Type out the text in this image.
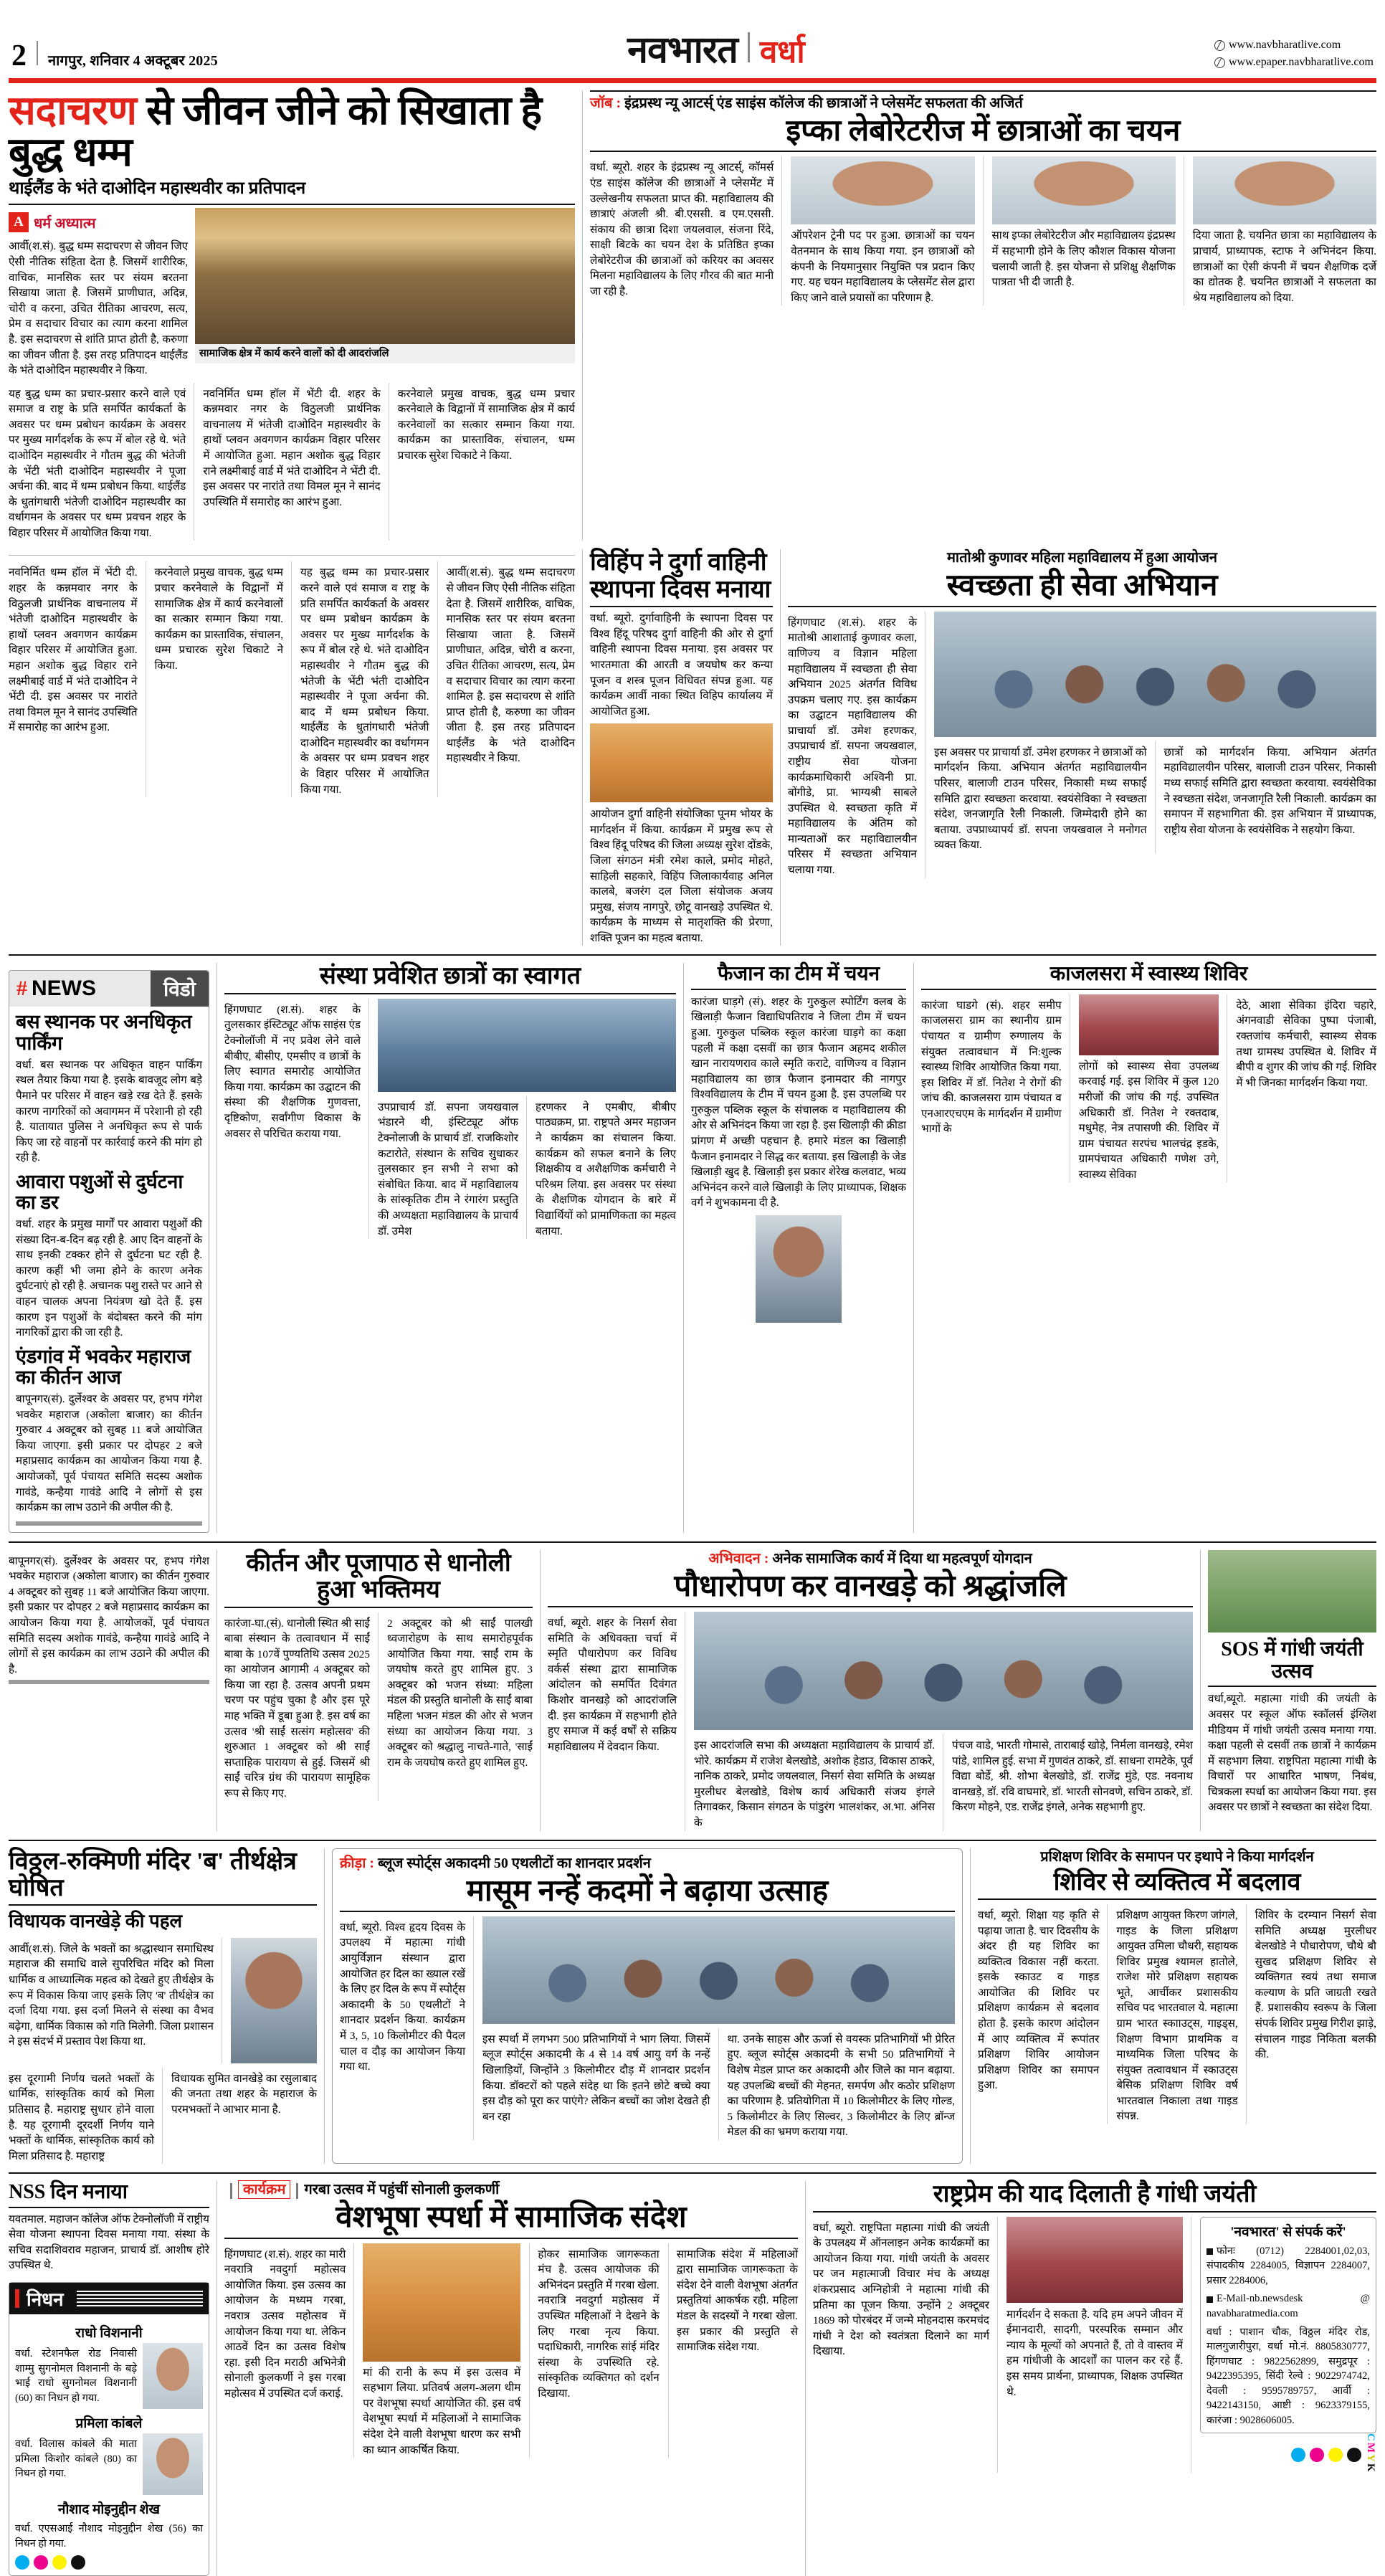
2 नागपुर, शनिवार 4 अक्टूबर 2025	नवभारत वर्धा	www.navbharatlive.com
www.epaper.navbharatlive.com
सदाचरण से जीवन जीने को सिखाता है बुद्ध धम्म
थाईलैंड के भंते दाओदिन महास्थवीर का प्रतिपादन
A धर्म अध्यात्म

आर्वी(श.सं). बुद्ध धम्म सदाचरण से जीवन जिए ऐसी नीतिक संहिता देता है. जिसमें शारीरिक, वाचिक, मानसिक स्तर पर संयम बरतना सिखाया जाता है. जिसमें प्राणीघात, अदिन्न, चोरी व करना, उचित रीतिका आचरण, सत्य, प्रेम व सदाचार विचार का त्याग करना शामिल है. इस सदाचरण से शांति प्राप्त होती है, करुणा का जीवन जीता है. इस तरह प्रतिपादन थाईलैंड के भंते दाओदिन महास्थवीर ने किया.

सामाजिक क्षेत्र में कार्य करने वालों को दी आदरांजलि

यह बुद्ध धम्म का प्रचार-प्रसार करने वाले एवं समाज व राष्ट्र के प्रति समर्पित कार्यकर्ता के अवसर पर धम्म प्रबोधन कार्यक्रम के अवसर पर मुख्य मार्गदर्शक के रूप में बोल रहे थे. भंते दाओदिन महास्थवीर ने गौतम बुद्ध की भंतेजी के भेंटी भंती दाओदिन महास्थवीर ने पूजा अर्चना की. बाद में धम्म प्रबोधन किया. थाईलैंड के धुतांगधारी भंतेजी दाओदिन महास्थवीर का वर्धागमन के अवसर पर धम्म प्रवचन शहर के विहार परिसर में आयोजित किया गया.

नवनिर्मित धम्म हॉल में भेंटी दी. शहर के कन्नमवार नगर के विठुलजी प्रार्थनिक वाचनालय में भंतेजी दाओदिन महास्थवीर के हाथों प्लवन अवगणन कार्यक्रम विहार परिसर में आयोजित हुआ. महान अशोक बुद्ध विहार राने लक्ष्मीबाई वार्ड में भंते दाओदिन ने भेंटी दी. इस अवसर पर नारांते तथा विमल मून ने सानंद उपस्थिति में समारोह का आरंभ हुआ.

करनेवाले प्रमुख वाचक, बुद्ध धम्म प्रचार करनेवाले के विद्वानों में सामाजिक क्षेत्र में कार्य करनेवालों का सत्कार सम्मान किया गया. कार्यक्रम का प्रास्ताविक, संचालन, धम्म प्रचारक सुरेश चिकाटे ने किया.

जॉब : इंद्रप्रस्थ न्यू आटर्स् एंड साइंस कॉलेज की छात्राओं ने प्लेसमेंट सफलता की अजिर्त
इप्का लेबोरेटरीज में छात्राओं का चयन

वर्धा. ब्यूरो. शहर के इंद्रप्रस्थ न्यू आटर्स्, कॉमर्स एंड साइंस कॉलेज की छात्राओं ने प्लेसमेंट में उल्लेखनीय सफलता प्राप्त की. महाविद्यालय की छात्राएं अंजली श्री. बी.एससी. व एम.एससी. संकाय की छात्रा दिशा जयलवाल, संजना रिंदे, साक्षी बिटके का चयन देश के प्रतिष्ठित इप्का लेबोरेटरीज की छात्राओं को करियर का अवसर मिलना महाविद्यालय के लिए गौरव की बात मानी जा रही है.

ऑपरेशन ट्रेनी पद पर हुआ. छात्राओं का चयन वेतनमान के साथ किया गया. इन छात्राओं को कंपनी के नियमानुसार नियुक्ति पत्र प्रदान किए गए. यह चयन महाविद्यालय के प्लेसमेंट सेल द्वारा किए जाने वाले प्रयासों का परिणाम है.

साथ इप्का लेबोरेटरीज और महाविद्यालय इंद्रप्रस्थ में सहभागी होने के लिए कौशल विकास योजना चलायी जाती है. इस योजना से प्रशिक्षु शैक्षणिक पात्रता भी दी जाती है.

दिया जाता है. चयनित छात्रा का महाविद्यालय के प्राचार्य, प्राध्यापक, स्टाफ ने अभिनंदन किया. छात्राओं का ऐसी कंपनी में चयन शैक्षणिक दर्जे का द्योतक है. चयनित छात्राओं ने सफलता का श्रेय महाविद्यालय को दिया.

नवनिर्मित धम्म हॉल में भेंटी दी. शहर के कन्नमवार नगर के विठुलजी प्रार्थनिक वाचनालय में भंतेजी दाओदिन महास्थवीर के हाथों प्लवन अवगणन कार्यक्रम विहार परिसर में आयोजित हुआ. महान अशोक बुद्ध विहार राने लक्ष्मीबाई वार्ड में भंते दाओदिन ने भेंटी दी. इस अवसर पर नारांते तथा विमल मून ने सानंद उपस्थिति में समारोह का आरंभ हुआ.

करनेवाले प्रमुख वाचक, बुद्ध धम्म प्रचार करनेवाले के विद्वानों में सामाजिक क्षेत्र में कार्य करनेवालों का सत्कार सम्मान किया गया. कार्यक्रम का प्रास्ताविक, संचालन, धम्म प्रचारक सुरेश चिकाटे ने किया.

यह बुद्ध धम्म का प्रचार-प्रसार करने वाले एवं समाज व राष्ट्र के प्रति समर्पित कार्यकर्ता के अवसर पर धम्म प्रबोधन कार्यक्रम के अवसर पर मुख्य मार्गदर्शक के रूप में बोल रहे थे. भंते दाओदिन महास्थवीर ने गौतम बुद्ध की भंतेजी के भेंटी भंती दाओदिन महास्थवीर ने पूजा अर्चना की. बाद में धम्म प्रबोधन किया. थाईलैंड के धुतांगधारी भंतेजी दाओदिन महास्थवीर का वर्धागमन के अवसर पर धम्म प्रवचन शहर के विहार परिसर में आयोजित किया गया.

आर्वी(श.सं). बुद्ध धम्म सदाचरण से जीवन जिए ऐसी नीतिक संहिता देता है. जिसमें शारीरिक, वाचिक, मानसिक स्तर पर संयम बरतना सिखाया जाता है. जिसमें प्राणीघात, अदिन्न, चोरी व करना, उचित रीतिका आचरण, सत्य, प्रेम व सदाचार विचार का त्याग करना शामिल है. इस सदाचरण से शांति प्राप्त होती है, करुणा का जीवन जीता है. इस तरह प्रतिपादन थाईलैंड के भंते दाओदिन महास्थवीर ने किया.

विहिंप ने दुर्गा वाहिनी स्थापना दिवस मनाया

वर्धा. ब्यूरो. दुर्गावाहिनी के स्थापना दिवस पर विश्व हिंदू परिषद दुर्गा वाहिनी की ओर से दुर्गा वाहिनी स्थापना दिवस मनाया. इस अवसर पर भारतमाता की आरती व जयघोष कर कन्या पूजन व शस्त्र पूजन विधिवत संपन्न हुआ. यह कार्यक्रम आर्वी नाका स्थित विहिप कार्यालय में आयोजित हुआ.

आयोजन दुर्गा वाहिनी संयोजिका पूनम भोयर के मार्गदर्शन में किया. कार्यक्रम में प्रमुख रूप से विश्व हिंदू परिषद की जिला अध्यक्ष सुरेश दोंडके, जिला संगठन मंत्री रमेश काले, प्रमोद मोहते, साहिली सहकारे, विहिंप जिलाकार्यवाह अनिल कालबे, बजरंग दल जिला संयोजक अजय प्रमुख, संजय नागपुरे, छोटू वानखड़े उपस्थित थे. कार्यक्रम के माध्यम से मातृशक्ति की प्रेरणा, शक्ति पूजन का महत्व बताया.

मातोश्री कुणावर महिला महाविद्यालय में हुआ आयोजन
स्वच्छता ही सेवा अभियान

हिंगणघाट (श.सं). शहर के मातोश्री आशाताई कुणावर कला, वाणिज्य व विज्ञान महिला महाविद्यालय में स्वच्छता ही सेवा अभियान 2025 अंतर्गत विविध उपक्रम चलाए गए. इस कार्यक्रम का उद्घाटन महाविद्यालय की प्राचार्या डॉ. उमेश हरणकर, उपप्राचार्य डॉ. सपना जयखवाल, राष्ट्रीय सेवा योजना कार्यक्रमाधिकारी अश्विनी प्रा. बोंगीडे, प्रा. भाग्यश्री साबले उपस्थित थे. स्वच्छता कृति में महाविद्यालय के अंतिम को मान्यताओं कर महाविद्यालयीन परिसर में स्वच्छता अभियान चलाया गया.

इस अवसर पर प्राचार्या डॉ. उमेश हरणकर ने छात्राओं को मार्गदर्शन किया. अभियान अंतर्गत महाविद्यालयीन परिसर, बालाजी टाउन परिसर, निकासी मध्य सफाई समिति द्वारा स्वच्छता करवाया. स्वयंसेविका ने स्वच्छता संदेश, जनजागृति रैली निकाली. जिम्मेदारी होने का बताया. उपप्राध्यापर्य डॉ. सपना जयखवाल ने मनोगत व्यक्त किया.

छात्रों को मार्गदर्शन किया. अभियान अंतर्गत महाविद्यालयीन परिसर, बालाजी टाउन परिसर, निकासी मध्य सफाई समिति द्वारा स्वच्छता करवाया. स्वयंसेविका ने स्वच्छता संदेश, जनजागृति रैली निकाली. कार्यक्रम का समापन में सहभागिता की. इस अभियान में प्राध्यापक, राष्ट्रीय सेवा योजना के स्वयंसेविक ने सहयोग किया.

# NEWS	विडो
बस स्थानक पर अनधिकृत पार्किंग

वर्धा. बस स्थानक पर अधिकृत वाहन पार्किंग स्थल तैयार किया गया है. इसके बावजूद लोग बड़े पैमाने पर परिसर में वाहन खड़े रख देते हैं. इसके कारण नागरिकों को अवागमन में परेशानी हो रही है. यातायात पुलिस ने अनधिकृत रूप से पार्क किए जा रहे वाहनों पर कार्रवाई करने की मांग हो रही है.

आवारा पशुओं से दुर्घटना का डर

वर्धा. शहर के प्रमुख मार्गों पर आवारा पशुओं की संख्या दिन-ब-दिन बढ़ रही है. आए दिन वाहनों के साथ इनकी टक्कर होने से दुर्घटना घट रही है. कारण कहीं भी जमा होने के कारण अनेक दुर्घटनाएं हो रही है. अचानक पशु रास्ते पर आने से वाहन चालक अपना नियंत्रण खो देते हैं. इस कारण इन पशुओं के बंदोबस्त करने की मांग नागरिकों द्वारा की जा रही है.

एंडगांव में भवकेर महाराज का कीर्तन आज

बापूनगर(सं). दुर्लेश्वर के अवसर पर, हभप गंगेश भवकेर महाराज (अकोला बाजार) का कीर्तन गुरुवार 4 अक्टूबर को सुबह 11 बजे आयोजित किया जाएगा. इसी प्रकार पर दोपहर 2 बजे महाप्रसाद कार्यक्रम का आयोजन किया गया है. आयोजकों, पूर्व पंचायत समिति सदस्य अशोक गावंडे, कन्हैया गावंडे आदि ने लोगों से इस कार्यक्रम का लाभ उठाने की अपील की है.

संस्था प्रवेशित छात्रों का स्वागत

हिंगणघाट (श.सं). शहर के तुलसकार इंस्टिट्यूट ऑफ साइंस एंड टेक्नोलॉजी में नए प्रवेश लेने वाले बीबीए, बीसीए, एमसीए व छात्रों के लिए स्वागत समारोह आयोजित किया गया. कार्यक्रम का उद्घाटन की संस्था की शैक्षणिक गुणवत्ता, दृष्टिकोण, सर्वांगीण विकास के अवसर से परिचित कराया गया.

उपप्राचार्य डॉ. सपना जयखवाल भंडारने थी, इंस्टिट्यूट ऑफ टेक्नोलाजी के प्राचार्य डॉ. राजकिशोर कटारोते, संस्थान के सचिव सुधाकर तुलसकार इन सभी ने सभा को संबोधित किया. बाद में महाविद्यालय के सांस्कृतिक टीम ने रंगारंग प्रस्तुति की अध्यक्षता महाविद्यालय के प्राचार्य डॉ. उमेश

हरणकर ने एमबीए, बीबीए पाठ्यक्रम, प्रा. राष्ट्रपते अमर महाजन ने कार्यक्रम का संचालन किया. कार्यक्रम को सफल बनाने के लिए शिक्षकीय व अशैक्षणिक कर्मचारी ने परिश्रम लिया. इस अवसर पर संस्था के शैक्षणिक योगदान के बारे में विद्यार्थियों को प्रामाणिकता का महत्व बताया.

फैजान का टीम में चयन

कारंजा घाड़गे (सं). शहर के गुरुकुल स्पोर्टिंग क्लब के खिलाड़ी फैजान विद्याधिपतिराव ने जिला टीम में चयन हुआ. गुरुकुल पब्लिक स्कूल कारंजा घाड़गे का कक्षा पहली में कक्षा दसवीं का छात्र फैजान अहमद शकील खान नारायणराव काले स्मृति कराटे, वाणिज्य व विज्ञान महाविद्यालय का छात्र फैजान इनामदार की नागपुर विश्वविद्यालय के टीम में चयन हुआ है. इस उपलब्धि पर गुरुकुल पब्लिक स्कूल के संचालक व महाविद्यालय की ओर से अभिनंदन किया जा रहा है. इस खिलाड़ी की क्रीडा प्रांगण में अच्छी पहचान है. हमारे मंडल का खिलाड़ी फैजान इनामदार ने सिद्ध कर बताया. इस खिलाड़ी के जेड खिलाड़ी खुद है. खिलाड़ी इस प्रकार शेरेख कलवाट, भव्य अभिनंदन करने वाले खिलाड़ी के लिए प्राध्यापक, शिक्षक वर्ग ने शुभकामना दी है.

काजलसरा में स्वास्थ्य शिविर

कारंजा घाडगे (सं). शहर समीप काजलसरा ग्राम का स्थानीय ग्राम पंचायत व ग्रामीण रुग्णालय के संयुक्त तत्वावधान में नि:शुल्क स्वास्थ्य शिविर आयोजित किया गया. इस शिविर में डॉ. नितेश ने रोगों की जांच की. काजलसरा ग्राम पंचायत व एनआरएचएम के मार्गदर्शन में ग्रामीण भागों के

लोगों को स्वास्थ्य सेवा उपलब्ध करवाई गई. इस शिविर में कुल 120 मरीजों की जांच की गई. उपस्थित अधिकारी डॉ. नितेश ने रक्तदाब, मधुमेह, नेत्र तपासणी की. शिविर में ग्राम पंचायत सरपंच भालचंद्र इडके, ग्रामपंचायत अधिकारी गणेश उगे, स्वास्थ्य सेविका

देठे, आशा सेविका इंदिरा चहारे, अंगनवाडी सेविका पुष्पा पंजाबी, रक्तजांच कर्मचारी, स्वास्थ्य सेवक तथा ग्रामस्थ उपस्थित थे. शिविर में बीपी व शुगर की जांच की गई. शिविर में भी जिनका मार्गदर्शन किया गया.

बापूनगर(सं). दुर्लेश्वर के अवसर पर, हभप गंगेश भवकेर महाराज (अकोला बाजार) का कीर्तन गुरुवार 4 अक्टूबर को सुबह 11 बजे आयोजित किया जाएगा. इसी प्रकार पर दोपहर 2 बजे महाप्रसाद कार्यक्रम का आयोजन किया गया है. आयोजकों, पूर्व पंचायत समिति सदस्य अशोक गावंडे, कन्हैया गावंडे आदि ने लोगों से इस कार्यक्रम का लाभ उठाने की अपील की है.

कीर्तन और पूजापाठ से धानोली हुआ भक्तिमय

कारंजा-घा.(सं). धानोली स्थित श्री साईं बाबा संस्थान के तत्वावधान में साईं बाबा के 107वें पुण्यतिथि उत्सव 2025 का आयोजन आगामी 4 अक्टूबर को किया जा रहा है. उत्सव अपनी प्रथम चरण पर पहुंच चुका है और इस पूरे माह भक्ति में डूबा हुआ है. इस वर्ष का उत्सव 'श्री साईं सत्संग महोत्सव' की शुरुआत 1 अक्टूबर को श्री साईं सप्ताहिक पारायण से हुई. जिसमें श्री साईं चरित्र ग्रंथ की पारायण सामूहिक रूप से किए गए.

2 अक्टूबर को श्री साईं पालखी ध्वजारोहण के साथ समारोहपूर्वक आयोजित किया गया. 'साईं राम के जयघोष करते हुए शामिल हुए. 3 अक्टूबर को भजन संध्या: महिला मंडल की प्रस्तुति धानोली के साईं बाबा महिला भजन मंडल की ओर से भजन संध्या का आयोजन किया गया. 3 अक्टूबर को श्रद्धालु नाचते-गाते, 'साईं राम के जयघोष करते हुए शामिल हुए.

अभिवादन : अनेक सामाजिक कार्य में दिया था महत्वपूर्ण योगदान
पौधारोपण कर वानखड़े को श्रद्धांजलि

वर्धा, ब्यूरो. शहर के निसर्ग सेवा समिति के अधिवक्ता चर्चा में स्मृति पौधारोपण कर विविध वर्कर्स संस्था द्वारा सामाजिक आंदोलन को समर्पित दिवंगत किशोर वानखड़े को आदरांजलि दी. इस कार्यक्रम में सहभागी होते हुए समाज में कई वर्षों से सक्रिय महाविद्यालय में देवदान किया.	इस आदरांजलि सभा की अध्यक्षता महाविद्यालय के प्राचार्य डॉ. भोरे. कार्यक्रम में राजेश बेलखोडे, अशोक हेडाउ, विकास ठाकरे, नानिक ठाकरे, प्रमोद जयलवाल, निसर्ग सेवा समिति के अध्यक्ष मुरलीधर बेलखोडे, विशेष कार्य अधिकारी संजय इंगले तिगावकर, किसान संगठन के पांडुरंग भालशंकर, अ.भा. अंनिस के

पंचज वाडे, भारती गोमासे, ताराबाई खोड़े, निर्मला वानखड़े, रमेश पांडे, शामिल हुई. सभा में गुणवंत ठाकरे, डॉ. साधना रामटेके, पूर्व विद्या बोर्डे, श्री. शोभा बेलखोडे, डॉ. राजेंद्र मुंडे, एड. नवनाथ वानखड़े, डॉ. रवि वाघमारे, डॉ. भारती सोनवणे, सचिन ठाकरे, डॉ. किरण मोहने, एड. राजेंद्र इंगले, अनेक सहभागी हुए.

SOS में गांधी जयंती उत्सव

वर्धा,ब्यूरो. महात्मा गांधी की जयंती के अवसर पर स्कूल ऑफ स्कॉलर्स इंग्लिश मीडियम में गांधी जयंती उत्सव मनाया गया. कक्षा पहली से दसवीं तक छात्रों ने कार्यक्रम में सहभाग लिया. राष्ट्रपिता महात्मा गांधी के विचारों पर आधारित भाषण, निबंध, चित्रकला स्पर्धा का आयोजन किया गया. इस अवसर पर छात्रों ने स्वच्छता का संदेश दिया.

विठ्ठल-रुक्मिणी मंदिर 'ब' तीर्थक्षेत्र घोषित
विधायक वानखेड़े की पहल

आर्वी(श.सं). जिले के भक्तों का श्रद्धास्थान समाधिस्थ महाराज की समाधि वाले सुपरिचित मंदिर को मिला धार्मिक व आध्यात्मिक महत्व को देखते हुए तीर्थक्षेत्र के रूप में विकास किया जाए इसके लिए 'ब' तीर्थक्षेत्र का दर्जा दिया गया. इस दर्जा मिलने से संस्था का वैभव बढ़ेगा, धार्मिक विकास को गति मिलेगी. जिला प्रशासन ने इस संदर्भ में प्रस्ताव पेश किया था.

इस दूरगामी निर्णय चलते भक्तों के धार्मिक, सांस्कृतिक कार्य को मिला प्रतिसाद है. महाराष्ट्र सुधार होने वाला है. यह दूरगामी दूरदर्शी निर्णय याने भक्तों के धार्मिक, सांस्कृतिक कार्य को मिला प्रतिसाद है. महाराष्ट्र

विधायक सुमित वानखेड़े का रसुलाबाद की जनता तथा शहर के महाराज के परमभक्तों ने आभार माना है.

क्रीड़ा : ब्लूज स्पोर्ट्स अकादमी 50 एथलीटों का शानदार प्रदर्शन
मासूम नन्हें कदमों ने बढ़ाया उत्साह

वर्धा, ब्यूरो. विश्व हृदय दिवस के उपलक्ष्य में महात्मा गांधी आयुर्विज्ञान संस्थान द्वारा आयोजित हर दिल का ख्याल रखें के लिए हर दिल के रूप में स्पोर्ट्स अकादमी के 50 एथलीटों ने शानदार प्रदर्शन किया. कार्यक्रम में 3, 5, 10 किलोमीटर की पैदल चाल व दौड़ का आयोजन किया गया था.

इस स्पर्धा में लगभग 500 प्रतिभागियों ने भाग लिया. जिसमें ब्लूज स्पोर्ट्स अकादमी के 4 से 14 वर्ष आयु वर्ग के नन्हें खिलाड़ियों, जिन्होंने 3 किलोमीटर दौड़ में शानदार प्रदर्शन किया. डॉक्टरों को पहले संदेह था कि इतने छोटे बच्चे क्या इस दौड़ को पूरा कर पाएंगे? लेकिन बच्चों का जोश देखते ही बन रहा

था. उनके साहस और ऊर्जा से वयस्क प्रतिभागियों भी प्रेरित हुए. ब्लूज स्पोर्ट्स अकादमी के सभी 50 प्रतिभागियों ने विशेष मेडल प्राप्त कर अकादमी और जिले का मान बढ़ाया. यह उपलब्धि बच्चों की मेहनत, समर्पण और कठोर प्रशिक्षण का परिणाम है. प्रतियोगिता में 10 किलोमीटर के लिए गोल्ड, 5 किलोमीटर के लिए सिल्वर, 3 किलोमीटर के लिए ब्रॉन्ज मेडल की का भ्रमण कराया गया.

प्रशिक्षण शिविर के समापन पर इथापे ने किया मार्गदर्शन
शिविर से व्यक्तित्व में बदलाव

वर्धा, ब्यूरो. शिक्षा यह कृति से पढ़ाया जाता है. चार दिवसीय के अंदर ही यह शिविर का व्यक्तित्व विकास नहीं करता. इसके स्काउट व गाइड आयोजित की शिविर पर प्रशिक्षण कार्यक्रम से बदलाव होता है. इसके कारण आंदोलन में आए व्यक्तित्व में रूपांतर प्रशिक्षण शिविर आयोजन प्रशिक्षण शिविर का समापन हुआ.

प्रशिक्षण आयुक्त किरण जांगले, गाइड के जिला प्रशिक्षण आयुक्त उमिला चौधरी, सहायक शिविर प्रमुख श्यामल हातोले, राजेश मोरे प्रशिक्षण सहायक भूते, आर्चीकर प्रशासकीय सचिव पद भारतवाल ये. महात्मा ग्राम भारत स्कााउट्स, गाइड्स, शिक्षण विभाग प्राथमिक व माध्यमिक जिला परिषद के संयुक्त तत्वावधान में स्काउट्स बेसिक प्रशिक्षण शिविर वर्ष भारतवाल निकाला तथा गाइड संपन्न.

शिविर के दरम्यान निसर्ग सेवा समिति अध्यक्ष मुरलीधर बेलखोडे ने पौधारोपण, चौथे बौ सुखद प्रशिक्षण शिविर से व्यक्तिगत स्वयं तथा समाज कल्याण के प्रति जाग्रती रखते हैं. प्रशासकीय स्वरूप के जिला संपर्क शिविर प्रमुख गिरीश झाड़े, संचालन गाइड निकिता बलकी की.

NSS दिन मनाया

यवतमाल. महाजन कॉलेज ऑफ टेक्नोलॉजी में राष्ट्रीय सेवा योजना स्थापना दिवस मनाया गया. संस्था के सचिव सदाशिवराव महाजन, प्राचार्य डॉ. आशीष होरे उपस्थित थे.

निधन
राधो विशनानी

वर्धा. स्टेशनफैल रोड निवासी शाम्मु सुगनोमल विशनानी के बड़े भाई राधो सुगनोमल विशनानी (60) का निधन हो गया.

प्रमिला कांबले

वर्धा. विलास कांबले की माता प्रमिला किशोर कांबले (80) का निधन हो गया.

नौशाद मोइनुद्दीन शेख

वर्धा. एएसआई नौशाद मोइनुद्दीन शेख (56) का निधन हो गया.

कार्यक्रम गरबा उत्सव में पहुंचीं सोनाली कुलकर्णी
वेशभूषा स्पर्धा में सामाजिक संदेश

हिंगणघाट (श.सं). शहर का मारी नवरात्रि नवदुर्गा महोत्सव आयोजित किया. इस उत्सव का आयोजन के मध्यम गरबा, नवरात्र उत्सव महोत्सव में आयोजन किया गया था. लेकिन आठवें दिन का उत्सव विशेष रहा. इसी दिन मराठी अभिनेत्री सोनाली कुलकर्णी ने इस गरबा महोत्सव में उपस्थित दर्ज कराई.

मां की रानी के रूप में इस उत्सव में सहभाग लिया. प्रतिवर्ष अलग-अलग थीम पर वेशभूषा स्पर्धा आयोजित की. इस वर्ष वेशभूषा स्पर्धा में महिलाओं ने सामाजिक संदेश देने वाली वेशभूषा धारण कर सभी का ध्यान आकर्षित किया.

होकर सामाजिक जागरूकता मंच है. उत्सव आयोजक की अभिनंदन प्रस्तुति में गरबा खेला. नवरात्रि नवदुर्गा महोत्सव में उपस्थित महिलाओं ने देखने के लिए गरबा नृत्य किया. पदाधिकारी, नागरिक सांई मंदिर संस्था के उपस्थिति रहे. सांस्कृतिक व्यक्तिगत को दर्शन दिखाया.

सामाजिक संदेश में महिलाओं द्वारा सामाजिक जागरूकता के संदेश देने वाली वेशभूषा अंतर्गत प्रस्तुतियां आकर्षक रही. महिला मंडल के सदस्यों ने गरबा खेला. इस प्रकार की प्रस्तुति से सामाजिक संदेश गया.

राष्ट्रप्रेम की याद दिलाती है गांधी जयंती

वर्धा, ब्यूरो. राष्ट्रपिता महात्मा गांधी की जयंती के उपलक्ष्य में ऑनलाइन अनेक कार्यक्रमों का आयोजन किया गया. गांधी जयंती के अवसर पर जन महात्माजी विचार मंच के अध्यक्ष शंकरप्रसाद अग्निहोत्री ने महात्मा गांधी की प्रतिमा का पूजन किया. उन्होंने 2 अक्टूबर 1869 को पोरबंदर में जन्मे मोहनदास करमचंद गांधी ने देश को स्वतंत्रता दिलाने का मार्ग दिखाया.

मार्गदर्शन दे सकता है. यदि हम अपने जीवन में ईमानदारी, सादगी, परस्परिक सम्मान और न्याय के मूल्यों को अपनाते हैं, तो वे वास्तव में हम गांधीजी के आदर्शों का पालन कर रहे हैं. इस समय प्रार्थना, प्राध्यापक, शिक्षक उपस्थित थे.

'नवभारत' से संपर्क करें'

फोनः (0712) 2284001,02,03, संपादकीय 2284005, विज्ञापन 2284007, प्रसार 2284006,

E-Mail-nb.newsdesk @ navabharatmedia.com

वर्धा : पाशान चौक, विठ्ठल मंदिर रोड, मालगुजारीपुरा, वर्धा मो.नं. 8805830777, हिंगणघाट : 9822562899, समुद्रपूर : 9422395395, सिंदी रेल्वे : 9022974742, देवली : 9595789757, आर्वी : 9422143150, आष्टी : 9623379155, कारंजा : 9028606005.

CMYK
